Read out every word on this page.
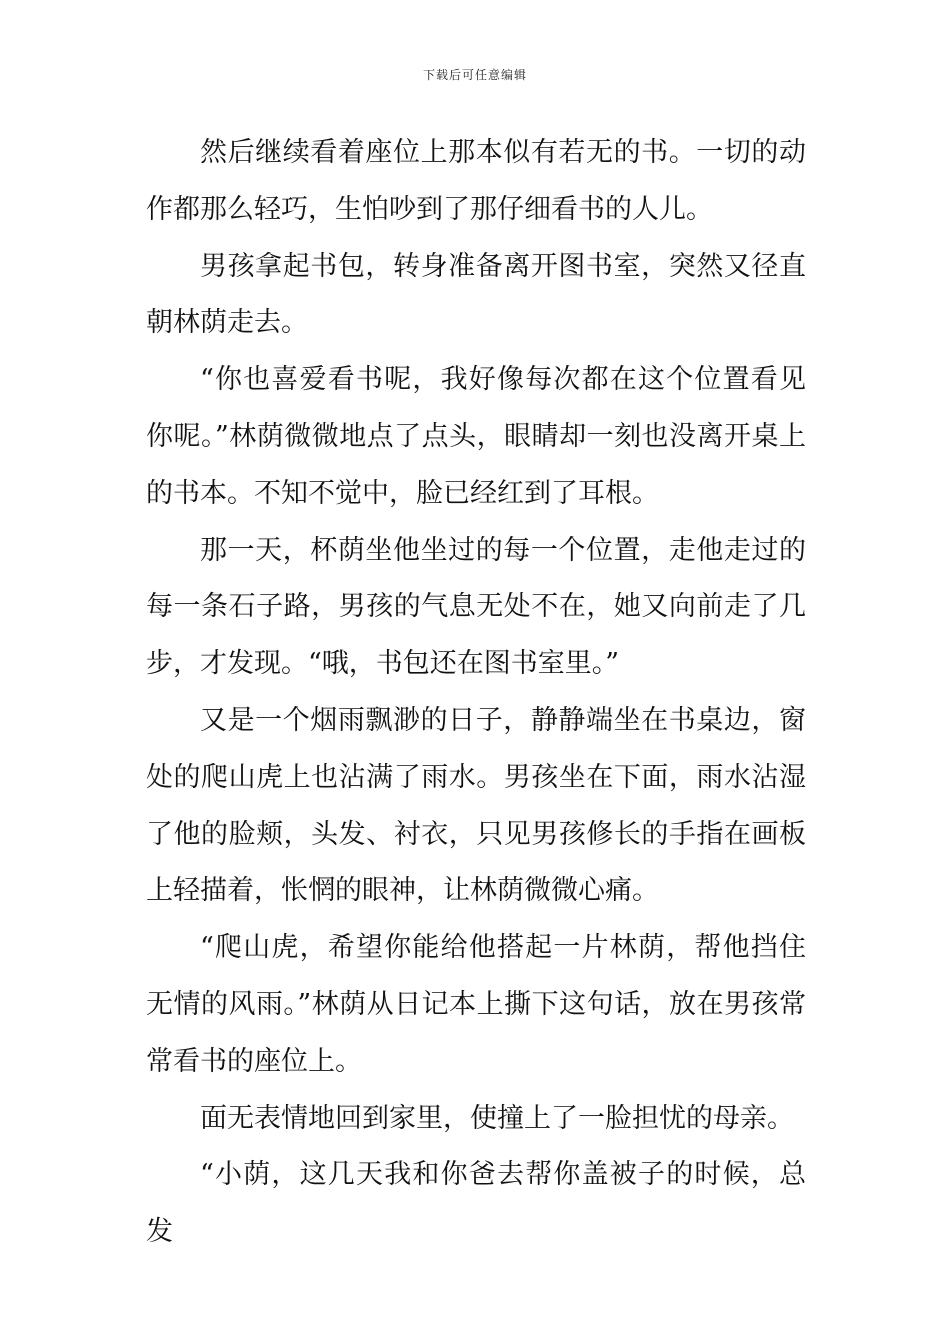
下载后可任意编辑

然后继续看着座位上那本似有若无的书。一切的动作都那么轻巧，生怕吵到了那仔细看书的人儿。

男孩拿起书包，转身准备离开图书室，突然又径直朝林荫走去。

“你也喜爱看书呢，我好像每次都在这个位置看见你呢。”林荫微微地点了点头，眼睛却一刻也没离开桌上的书本。不知不觉中，脸已经红到了耳根。

那一天，杯荫坐他坐过的每一个位置，走他走过的每一条石子路，男孩的气息无处不在，她又向前走了几步，才发现。“哦，书包还在图书室里。”

又是一个烟雨飘渺的日子，静静端坐在书桌边，窗处的爬山虎上也沾满了雨水。男孩坐在下面，雨水沾湿了他的脸颊，头发、衬衣，只见男孩修长的手指在画板上轻描着，怅惘的眼神，让林荫微微心痛。

“爬山虎，希望你能给他搭起一片林荫，帮他挡住无情的风雨。”林荫从日记本上撕下这句话，放在男孩常常看书的座位上。

面无表情地回到家里，使撞上了一脸担忧的母亲。

“小荫，这几天我和你爸去帮你盖被子的时候，总发
